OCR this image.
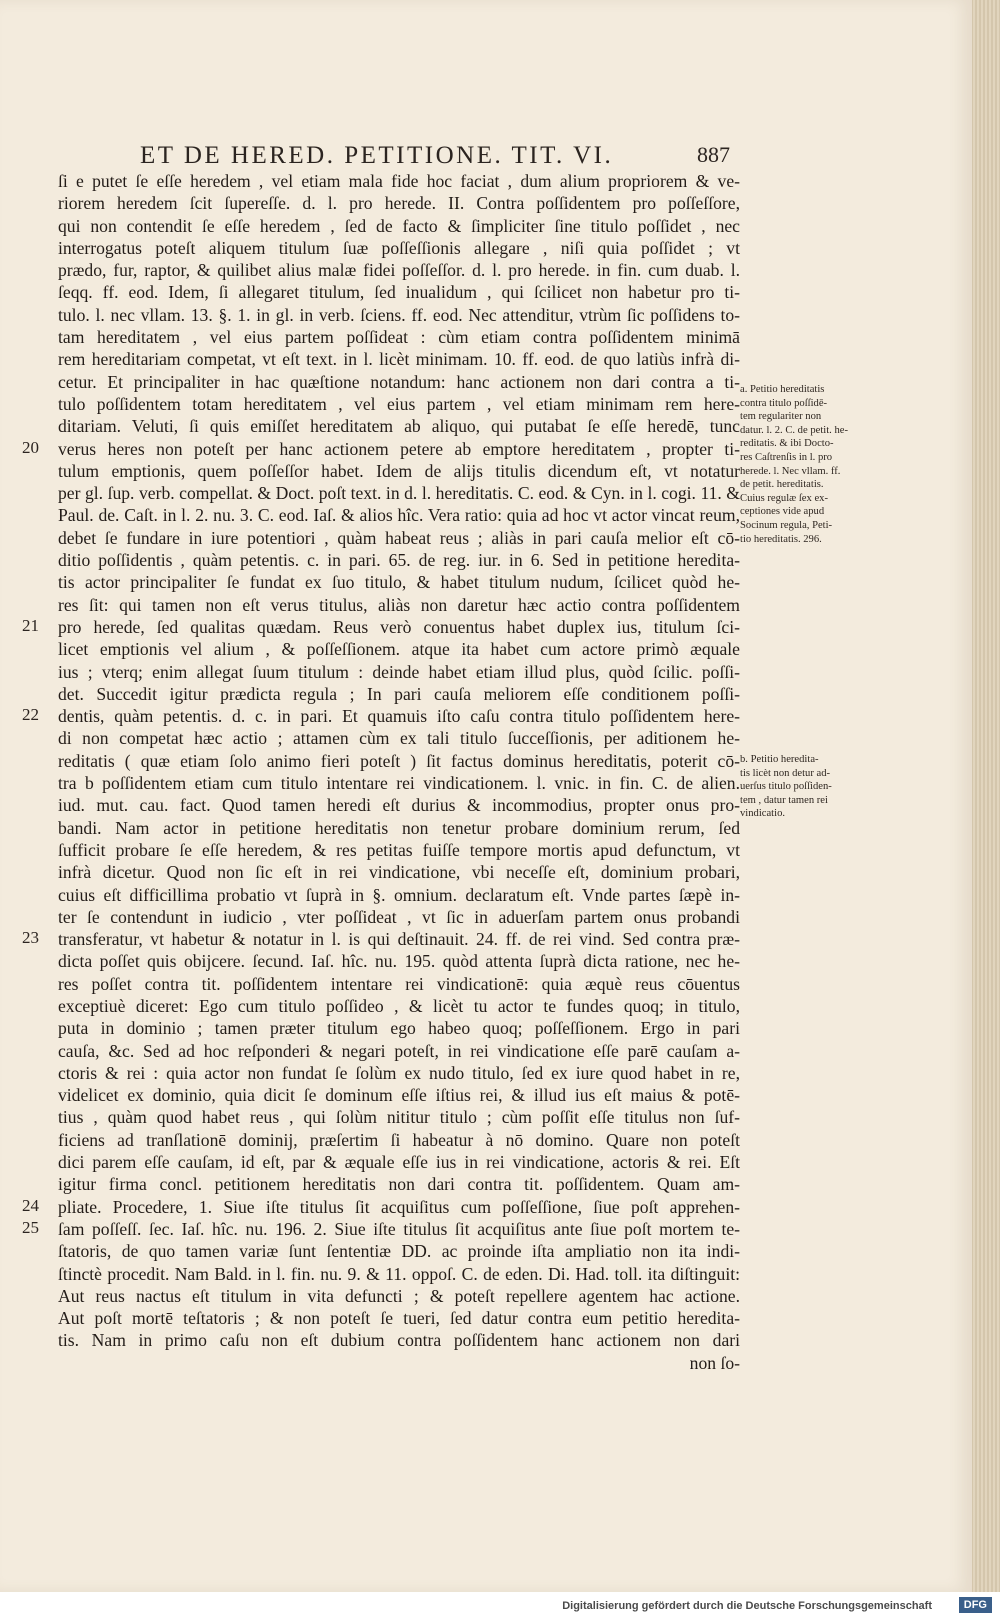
ET DE HERED. PETITIONE. TIT. VI.	887
ſi e putet ſe eſſe heredem , vel etiam mala fide hoc faciat , dum alium propriorem & ve-
riorem heredem ſcit ſupereſſe. d. l. pro herede. II. Contra poſſidentem pro poſſeſſore,
qui non contendit ſe eſſe heredem , ſed de facto & ſimpliciter ſine titulo poſſidet , nec
interrogatus poteſt aliquem titulum ſuæ poſſeſſionis allegare , niſi quia poſſidet ; vt
prædo, fur, raptor, & quilibet alius malæ fidei poſſeſſor. d. l. pro herede. in fin. cum duab. l.
ſeqq. ff. eod. Idem, ſi allegaret titulum, ſed inualidum , qui ſcilicet non habetur pro ti-
tulo. l. nec vllam. 13. §. 1. in gl. in verb. ſciens. ff. eod. Nec attenditur, vtrùm ſic poſſidens to-
tam hereditatem , vel eius partem poſſideat : cùm etiam contra poſſidentem minimā
rem hereditariam competat, vt eſt text. in l. licèt minimam. 10. ff. eod. de quo latiùs infrà di-
cetur. Et principaliter in hac quæſtione notandum: hanc actionem non dari contra a ti-
tulo poſſidentem totam hereditatem , vel eius partem , vel etiam minimam rem here-
ditariam. Veluti, ſi quis emiſſet hereditatem ab aliquo, qui putabat ſe eſſe heredē, tunc
verus heres non poteſt per hanc actionem petere ab emptore hereditatem , propter ti-
tulum emptionis, quem poſſeſſor habet. Idem de alijs titulis dicendum eſt, vt notatur
per gl. ſup. verb. compellat. & Doct. poſt text. in d. l. hereditatis. C. eod. & Cyn. in l. cogi. 11. &
Paul. de. Caſt. in l. 2. nu. 3. C. eod. Iaſ. & alios hîc. Vera ratio: quia ad hoc vt actor vincat reum,
debet ſe fundare in iure potentiori , quàm habeat reus ; aliàs in pari cauſa melior eſt cō-
ditio poſſidentis , quàm petentis. c. in pari. 65. de reg. iur. in 6. Sed in petitione heredita-
tis actor principaliter ſe fundat ex ſuo titulo, & habet titulum nudum, ſcilicet quòd he-
res ſit: qui tamen non eſt verus titulus, aliàs non daretur hæc actio contra poſſidentem
pro herede, ſed qualitas quædam. Reus verò conuentus habet duplex ius, titulum ſci-
licet emptionis vel alium , & poſſeſſionem. atque ita habet cum actore primò æquale
ius ; vterq; enim allegat ſuum titulum : deinde habet etiam illud plus, quòd ſcilic. poſſi-
det. Succedit igitur prædicta regula ; In pari cauſa meliorem eſſe conditionem poſſi-
dentis, quàm petentis. d. c. in pari. Et quamuis iſto caſu contra titulo poſſidentem here-
di non competat hæc actio ; attamen cùm ex tali titulo ſucceſſionis, per aditionem he-
reditatis ( quæ etiam ſolo animo fieri poteſt ) ſit factus dominus hereditatis, poterit cō-
tra b poſſidentem etiam cum titulo intentare rei vindicationem. l. vnic. in fin. C. de alien.
iud. mut. cau. fact. Quod tamen heredi eſt durius & incommodius, propter onus pro-
bandi. Nam actor in petitione hereditatis non tenetur probare dominium rerum, ſed
ſufficit probare ſe eſſe heredem, & res petitas fuiſſe tempore mortis apud defunctum, vt
infrà dicetur. Quod non ſic eſt in rei vindicatione, vbi neceſſe eſt, dominium probari,
cuius eſt difficillima probatio vt ſuprà in §. omnium. declaratum eſt. Vnde partes ſæpè in-
ter ſe contendunt in iudicio , vter poſſideat , vt ſic in aduerſam partem onus probandi
transferatur, vt habetur & notatur in l. is qui deſtinauit. 24. ff. de rei vind. Sed contra præ-
dicta poſſet quis obijcere. ſecund. Iaſ. hîc. nu. 195. quòd attenta ſuprà dicta ratione, nec he-
res poſſet contra tit. poſſidentem intentare rei vindicationē: quia æquè reus cōuentus
exceptiuè diceret: Ego cum titulo poſſideo , & licèt tu actor te fundes quoq; in titulo,
puta in dominio ; tamen præter titulum ego habeo quoq; poſſeſſionem. Ergo in pari
cauſa, &c. Sed ad hoc reſponderi & negari poteſt, in rei vindicatione eſſe parē cauſam a-
ctoris & rei : quia actor non fundat ſe ſolùm ex nudo titulo, ſed ex iure quod habet in re,
videlicet ex dominio, quia dicit ſe dominum eſſe iſtius rei, & illud ius eſt maius & potē-
tius , quàm quod habet reus , qui ſolùm nititur titulo ; cùm poſſit eſſe titulus non ſuf-
ficiens ad tranſlationē dominij, præſertim ſi habeatur à nō domino. Quare non poteſt
dici parem eſſe cauſam, id eſt, par & æquale eſſe ius in rei vindicatione, actoris & rei. Eſt
igitur firma concl. petitionem hereditatis non dari contra tit. poſſidentem. Quam am-
pliate. Procedere, 1. Siue iſte titulus ſit acquiſitus cum poſſeſſione, ſiue poſt apprehen-
ſam poſſeſſ. ſec. Iaſ. hîc. nu. 196. 2. Siue iſte titulus ſit acquiſitus ante ſiue poſt mortem te-
ſtatoris, de quo tamen variæ ſunt ſententiæ DD. ac proinde iſta ampliatio non ita indi-
ſtinctè procedit. Nam Bald. in l. fin. nu. 9. & 11. oppoſ. C. de eden. Di. Had. toll. ita diſtinguit:
Aut reus nactus eſt titulum in vita defuncti ; & poteſt repellere agentem hac actione.
Aut poſt mortē teſtatoris ; & non poteſt ſe tueri, ſed datur contra eum petitio heredita-
tis. Nam in primo caſu non eſt dubium contra poſſidentem hanc actionem non dari
non ſo-
20
21
22
23
24
25
a. Petitio hereditatis
contra titulo poſſidē-
tem regulariter non
datur. l. 2. C. de petit. he-
reditatis. & ibi Docto-
res Caſtrenſis in l. pro
herede. l. Nec vllam. ff.
de petit. hereditatis.
Cuius regulæ ſex ex-
ceptiones vide apud
Socinum regula, Peti-
tio hereditatis. 296.
b. Petitio heredita-
tis licèt non detur ad-
uerſus titulo poſſiden-
tem , datur tamen rei
vindicatio.
Digitalisierung gefördert durch die Deutsche Forschungsgemeinschaft	DFG
